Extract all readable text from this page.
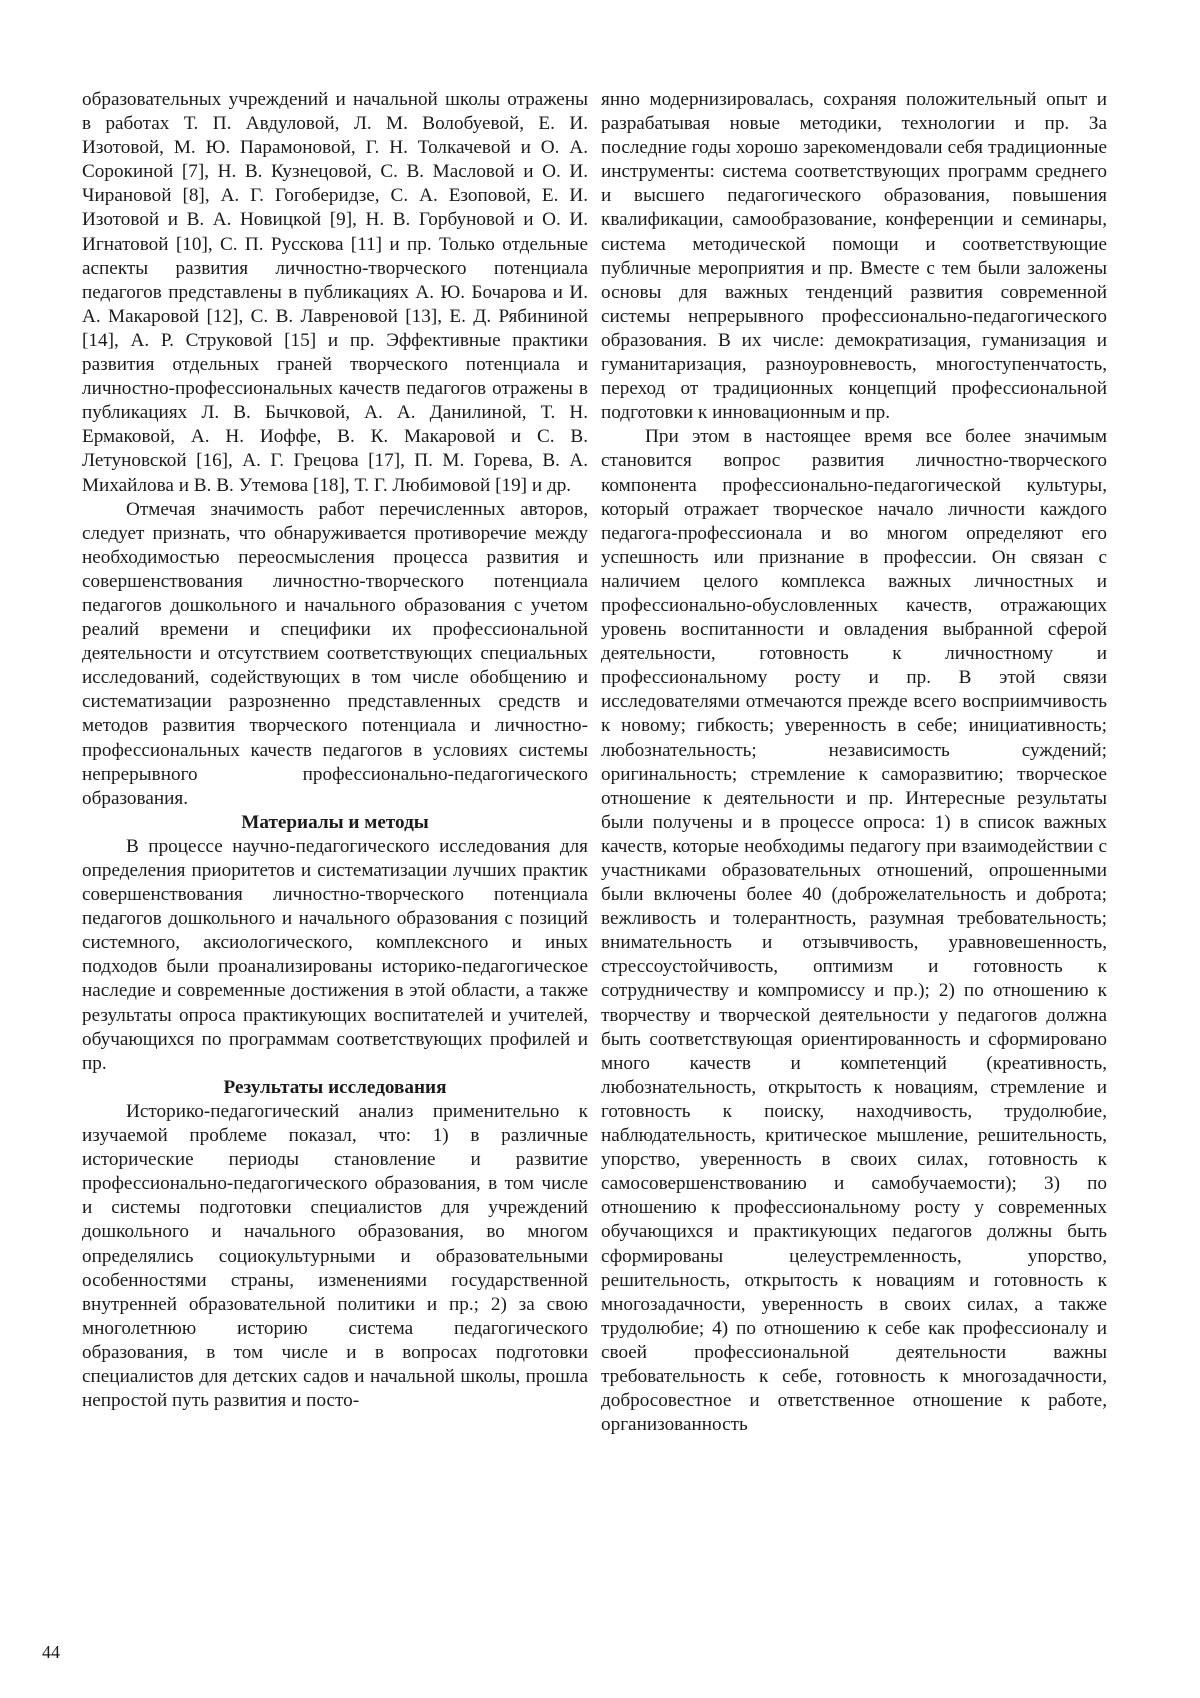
образовательных учреждений и начальной школы отражены в работах Т. П. Авдуловой, Л. М. Волобуевой, Е. И. Изотовой, М. Ю. Парамоновой, Г. Н. Толкачевой и О. А. Сорокиной [7], Н. В. Кузнецовой, С. В. Масловой и О. И. Чирановой [8], А. Г. Гогоберидзе, С. А. Езоповой, Е. И. Изотовой и В. А. Новицкой [9], Н. В. Горбуновой и О. И. Игнатовой [10], С. П. Русскова [11] и пр. Только отдельные аспекты развития личностно-творческого потенциала педагогов представлены в публикациях А. Ю. Бочарова и И. А. Макаровой [12], С. В. Лавреновой [13], Е. Д. Рябининой [14], А. Р. Струковой [15] и пр. Эффективные практики развития отдельных граней творческого потенциала и личностно-профессиональных качеств педагогов отражены в публикациях Л. В. Бычковой, А. А. Данилиной, Т. Н. Ермаковой, А. Н. Иоффе, В. К. Макаровой и С. В. Летуновской [16], А. Г. Грецова [17], П. М. Горева, В. А. Михайлова и В. В. Утемова [18], Т. Г. Любимовой [19] и др.

Отмечая значимость работ перечисленных авторов, следует признать, что обнаруживается противоречие между необходимостью переосмысления процесса развития и совершенствования личностно-творческого потенциала педагогов дошкольного и начального образования с учетом реалий времени и специфики их профессиональной деятельности и отсутствием соответствующих специальных исследований, содействующих в том числе обобщению и систематизации разрозненно представленных средств и методов развития творческого потенциала и личностно-профессиональных качеств педагогов в условиях системы непрерывного профессионально-педагогического образования.

Материалы и методы

В процессе научно-педагогического исследования для определения приоритетов и систематизации лучших практик совершенствования личностно-творческого потенциала педагогов дошкольного и начального образования с позиций системного, аксиологического, комплексного и иных подходов были проанализированы историко-педагогическое наследие и современные достижения в этой области, а также результаты опроса практикующих воспитателей и учителей, обучающихся по программам соответствующих профилей и пр.

Результаты исследования

Историко-педагогический анализ применительно к изучаемой проблеме показал, что: 1) в различные исторические периоды становление и развитие профессионально-педагогического образования, в том числе и системы подготовки специалистов для учреждений дошкольного и начального образования, во многом определялись социокультурными и образовательными особенностями страны, изменениями государственной внутренней образовательной политики и пр.; 2) за свою многолетнюю историю система педагогического образования, в том числе и в вопросах подготовки специалистов для детских садов и начальной школы, прошла непростой путь развития и посто-

янно модернизировалась, сохраняя положительный опыт и разрабатывая новые методики, технологии и пр. За последние годы хорошо зарекомендовали себя традиционные инструменты: система соответствующих программ среднего и высшего педагогического образования, повышения квалификации, самообразование, конференции и семинары, система методической помощи и соответствующие публичные мероприятия и пр. Вместе с тем были заложены основы для важных тенденций развития современной системы непрерывного профессионально-педагогического образования. В их числе: демократизация, гуманизация и гуманитаризация, разноуровневость, многоступенчатость, переход от традиционных концепций профессиональной подготовки к инновационным и пр.

При этом в настоящее время все более значимым становится вопрос развития личностно-творческого компонента профессионально-педагогической культуры, который отражает творческое начало личности каждого педагога-профессионала и во многом определяют его успешность или признание в профессии. Он связан с наличием целого комплекса важных личностных и профессионально-обусловленных качеств, отражающих уровень воспитанности и овладения выбранной сферой деятельности, готовность к личностному и профессиональному росту и пр. В этой связи исследователями отмечаются прежде всего восприимчивость к новому; гибкость; уверенность в себе; инициативность; любознательность; независимость суждений; оригинальность; стремление к саморазвитию; творческое отношение к деятельности и пр. Интересные результаты были получены и в процессе опроса: 1) в список важных качеств, которые необходимы педагогу при взаимодействии с участниками образовательных отношений, опрошенными были включены более 40 (доброжелательность и доброта; вежливость и толерантность, разумная требовательность; внимательность и отзывчивость, уравновешенность, стрессоустойчивость, оптимизм и готовность к сотрудничеству и компромиссу и пр.); 2) по отношению к творчеству и творческой деятельности у педагогов должна быть соответствующая ориентированность и сформировано много качеств и компетенций (креативность, любознательность, открытость к новациям, стремление и готовность к поиску, находчивость, трудолюбие, наблюдательность, критическое мышление, решительность, упорство, уверенность в своих силах, готовность к самосовершенствованию и самобучаемости); 3) по отношению к профессиональному росту у современных обучающихся и практикующих педагогов должны быть сформированы целеустремленность, упорство, решительность, открытость к новациям и готовность к многозадачности, уверенность в своих силах, а также трудолюбие; 4) по отношению к себе как профессионалу и своей профессиональной деятельности важны требовательность к себе, готовность к многозадачности, добросовестное и ответственное отношение к работе, организованность

44
